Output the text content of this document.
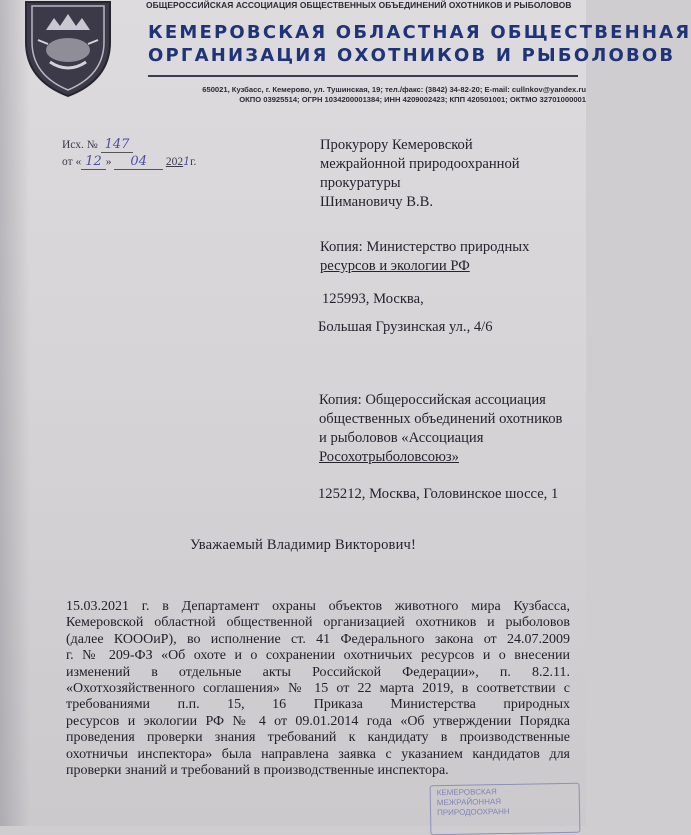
ОБЩЕРОССИЙСКАЯ АССОЦИАЦИЯ ОБЩЕСТВЕННЫХ ОБЪЕДИНЕНИЙ ОХОТНИКОВ И РЫБОЛОВОВ
КЕМЕРОВСКАЯ ОБЛАСТНАЯ ОБЩЕСТВЕННАЯ
ОРГАНИЗАЦИЯ ОХОТНИКОВ И РЫБОЛОВОВ
650021, Кузбасс, г. Кемерово, ул. Тушинская, 19; тел./факс: (3842) 34-82-20; E-mail: cullnkov@yandex.ru
ОКПО 03925514; ОГРН 1034200001384; ИНН 4209002423; КПП 420501001; ОКТМО 32701000001
Исх. № 147
от « 12 » 04 2021г.
Прокурору Кемеровской
межрайонной природоохранной
прокуратуры
Шимановичу В.В.
Копия: Министерство природных
ресурсов и экологии РФ
125993, Москва,
Большая Грузинская ул., 4/6
Копия: Общероссийская ассоциация
общественных объединений охотников
и рыболовов «Ассоциация
Росохотрыболовсоюз»
125212, Москва, Головинское шоссе, 1
Уважаемый Владимир Викторович!
15.03.2021 г. в Департамент охраны объектов животного мира Кузбасса,
Кемеровской областной общественной организацией охотников и рыболовов
(далее КОООиР), во исполнение ст. 41 Федерального закона от 24.07.2009
г. № 209-ФЗ «Об охоте и о сохранении охотничьих ресурсов и о внесении
изменений в отдельные акты Российской Федерации», п. 8.2.11.
«Охотхозяйственного соглашения» № 15 от 22 марта 2019, в соответствии с
требованиями п.п. 15, 16 Приказа Министерства природных
ресурсов и экологии РФ № 4 от 09.01.2014 года «Об утверждении Порядка
проведения проверки знания требований к кандидату в производственные
охотничьи инспектора» была направлена заявка с указанием кандидатов для
проверки знаний и требований в производственные инспектора.
КЕМЕРОВСКАЯ
МЕЖРАЙОННАЯ
ПРИРОДООХРАНН
